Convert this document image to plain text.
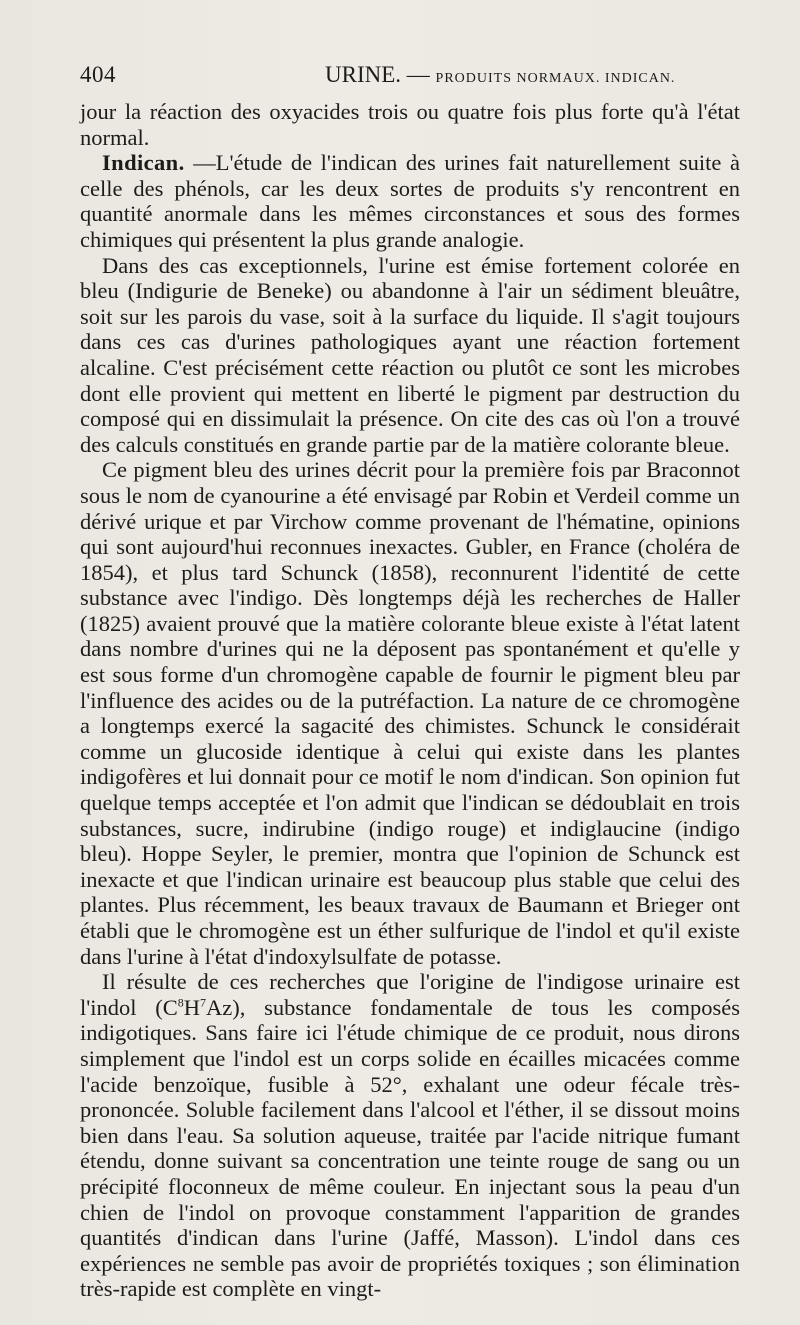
404	URINE. — PRODUITS NORMAUX. INDICAN.

jour la réaction des oxyacides trois ou quatre fois plus forte qu'à l'état normal.

Indican. —L'étude de l'indican des urines fait naturellement suite à celle des phénols, car les deux sortes de produits s'y rencontrent en quantité anormale dans les mêmes circonstances et sous des formes chimiques qui présentent la plus grande analogie.

Dans des cas exceptionnels, l'urine est émise fortement colorée en bleu (Indigurie de Beneke) ou abandonne à l'air un sédiment bleuâtre, soit sur les parois du vase, soit à la surface du liquide. Il s'agit toujours dans ces cas d'urines pathologiques ayant une réaction fortement alcaline. C'est précisément cette réaction ou plutôt ce sont les microbes dont elle provient qui mettent en liberté le pigment par destruction du composé qui en dissimulait la présence. On cite des cas où l'on a trouvé des calculs constitués en grande partie par de la matière colorante bleue.

Ce pigment bleu des urines décrit pour la première fois par Braconnot sous le nom de cyanourine a été envisagé par Robin et Verdeil comme un dérivé urique et par Virchow comme provenant de l'hématine, opinions qui sont aujourd'hui reconnues inexactes. Gubler, en France (choléra de 1854), et plus tard Schunck (1858), reconnurent l'identité de cette substance avec l'indigo. Dès longtemps déjà les recherches de Haller (1825) avaient prouvé que la matière colorante bleue existe à l'état latent dans nombre d'urines qui ne la déposent pas spontanément et qu'elle y est sous forme d'un chromogène capable de fournir le pigment bleu par l'influence des acides ou de la putréfaction. La nature de ce chromogène a longtemps exercé la sagacité des chimistes. Schunck le considérait comme un glucoside identique à celui qui existe dans les plantes indigofères et lui donnait pour ce motif le nom d'indican. Son opinion fut quelque temps acceptée et l'on admit que l'indican se dédoublait en trois substances, sucre, indirubine (indigo rouge) et indiglaucine (indigo bleu). Hoppe Seyler, le premier, montra que l'opinion de Schunck est inexacte et que l'indican urinaire est beaucoup plus stable que celui des plantes. Plus récemment, les beaux travaux de Baumann et Brieger ont établi que le chromogène est un éther sulfurique de l'indol et qu'il existe dans l'urine à l'état d'indoxylsulfate de potasse.

Il résulte de ces recherches que l'origine de l'indigose urinaire est l'indol $(C^8H^7Az)$, substance fondamentale de tous les composés indigotiques. Sans faire ici l'étude chimique de ce produit, nous dirons simplement que l'indol est un corps solide en écailles micacées comme l'acide benzoïque, fusible à 52°, exhalant une odeur fécale très-prononcée. Soluble facilement dans l'alcool et l'éther, il se dissout moins bien dans l'eau. Sa solution aqueuse, traitée par l'acide nitrique fumant étendu, donne suivant sa concentration une teinte rouge de sang ou un précipité floconneux de même couleur. En injectant sous la peau d'un chien de l'indol on provoque constamment l'apparition de grandes quantités d'indican dans l'urine (Jaffé, Masson). L'indol dans ces expériences ne semble pas avoir de propriétés toxiques ; son élimination très-rapide est complète en vingt-
